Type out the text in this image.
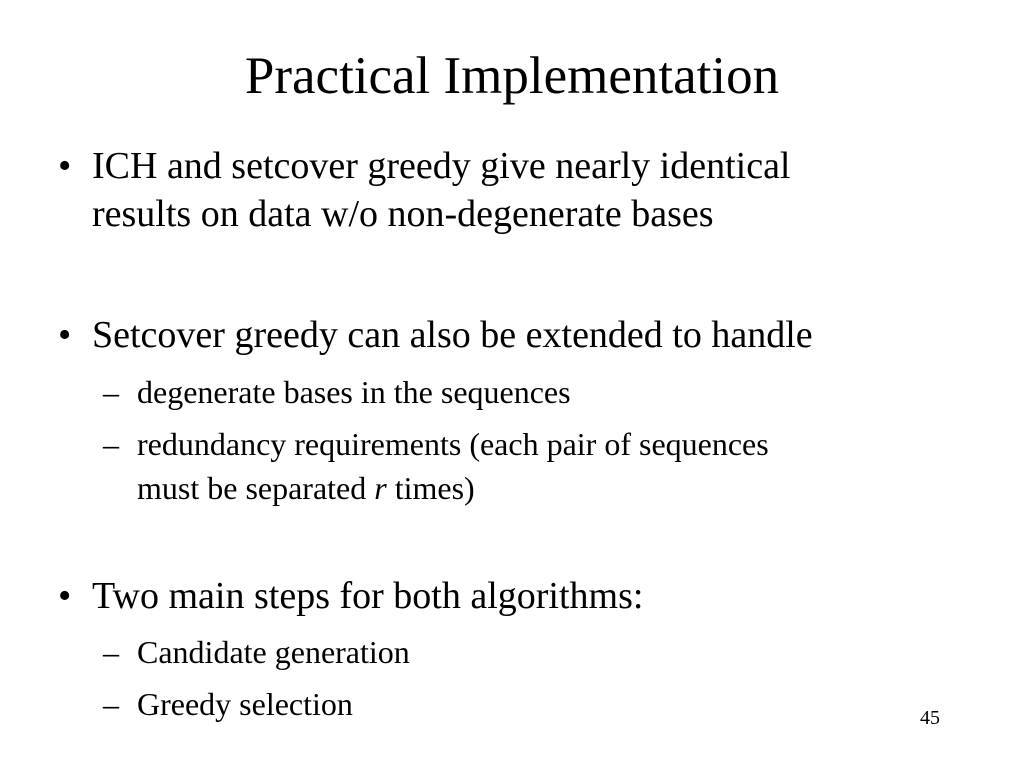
Practical Implementation
• ICH and setcover greedy give nearly identical
results on data w/o non-degenerate bases
• Setcover greedy can also be extended to handle
– degenerate bases in the sequences
– redundancy requirements (each pair of sequences
must be separated r times)
• Two main steps for both algorithms:
– Candidate generation
– Greedy selection	45
